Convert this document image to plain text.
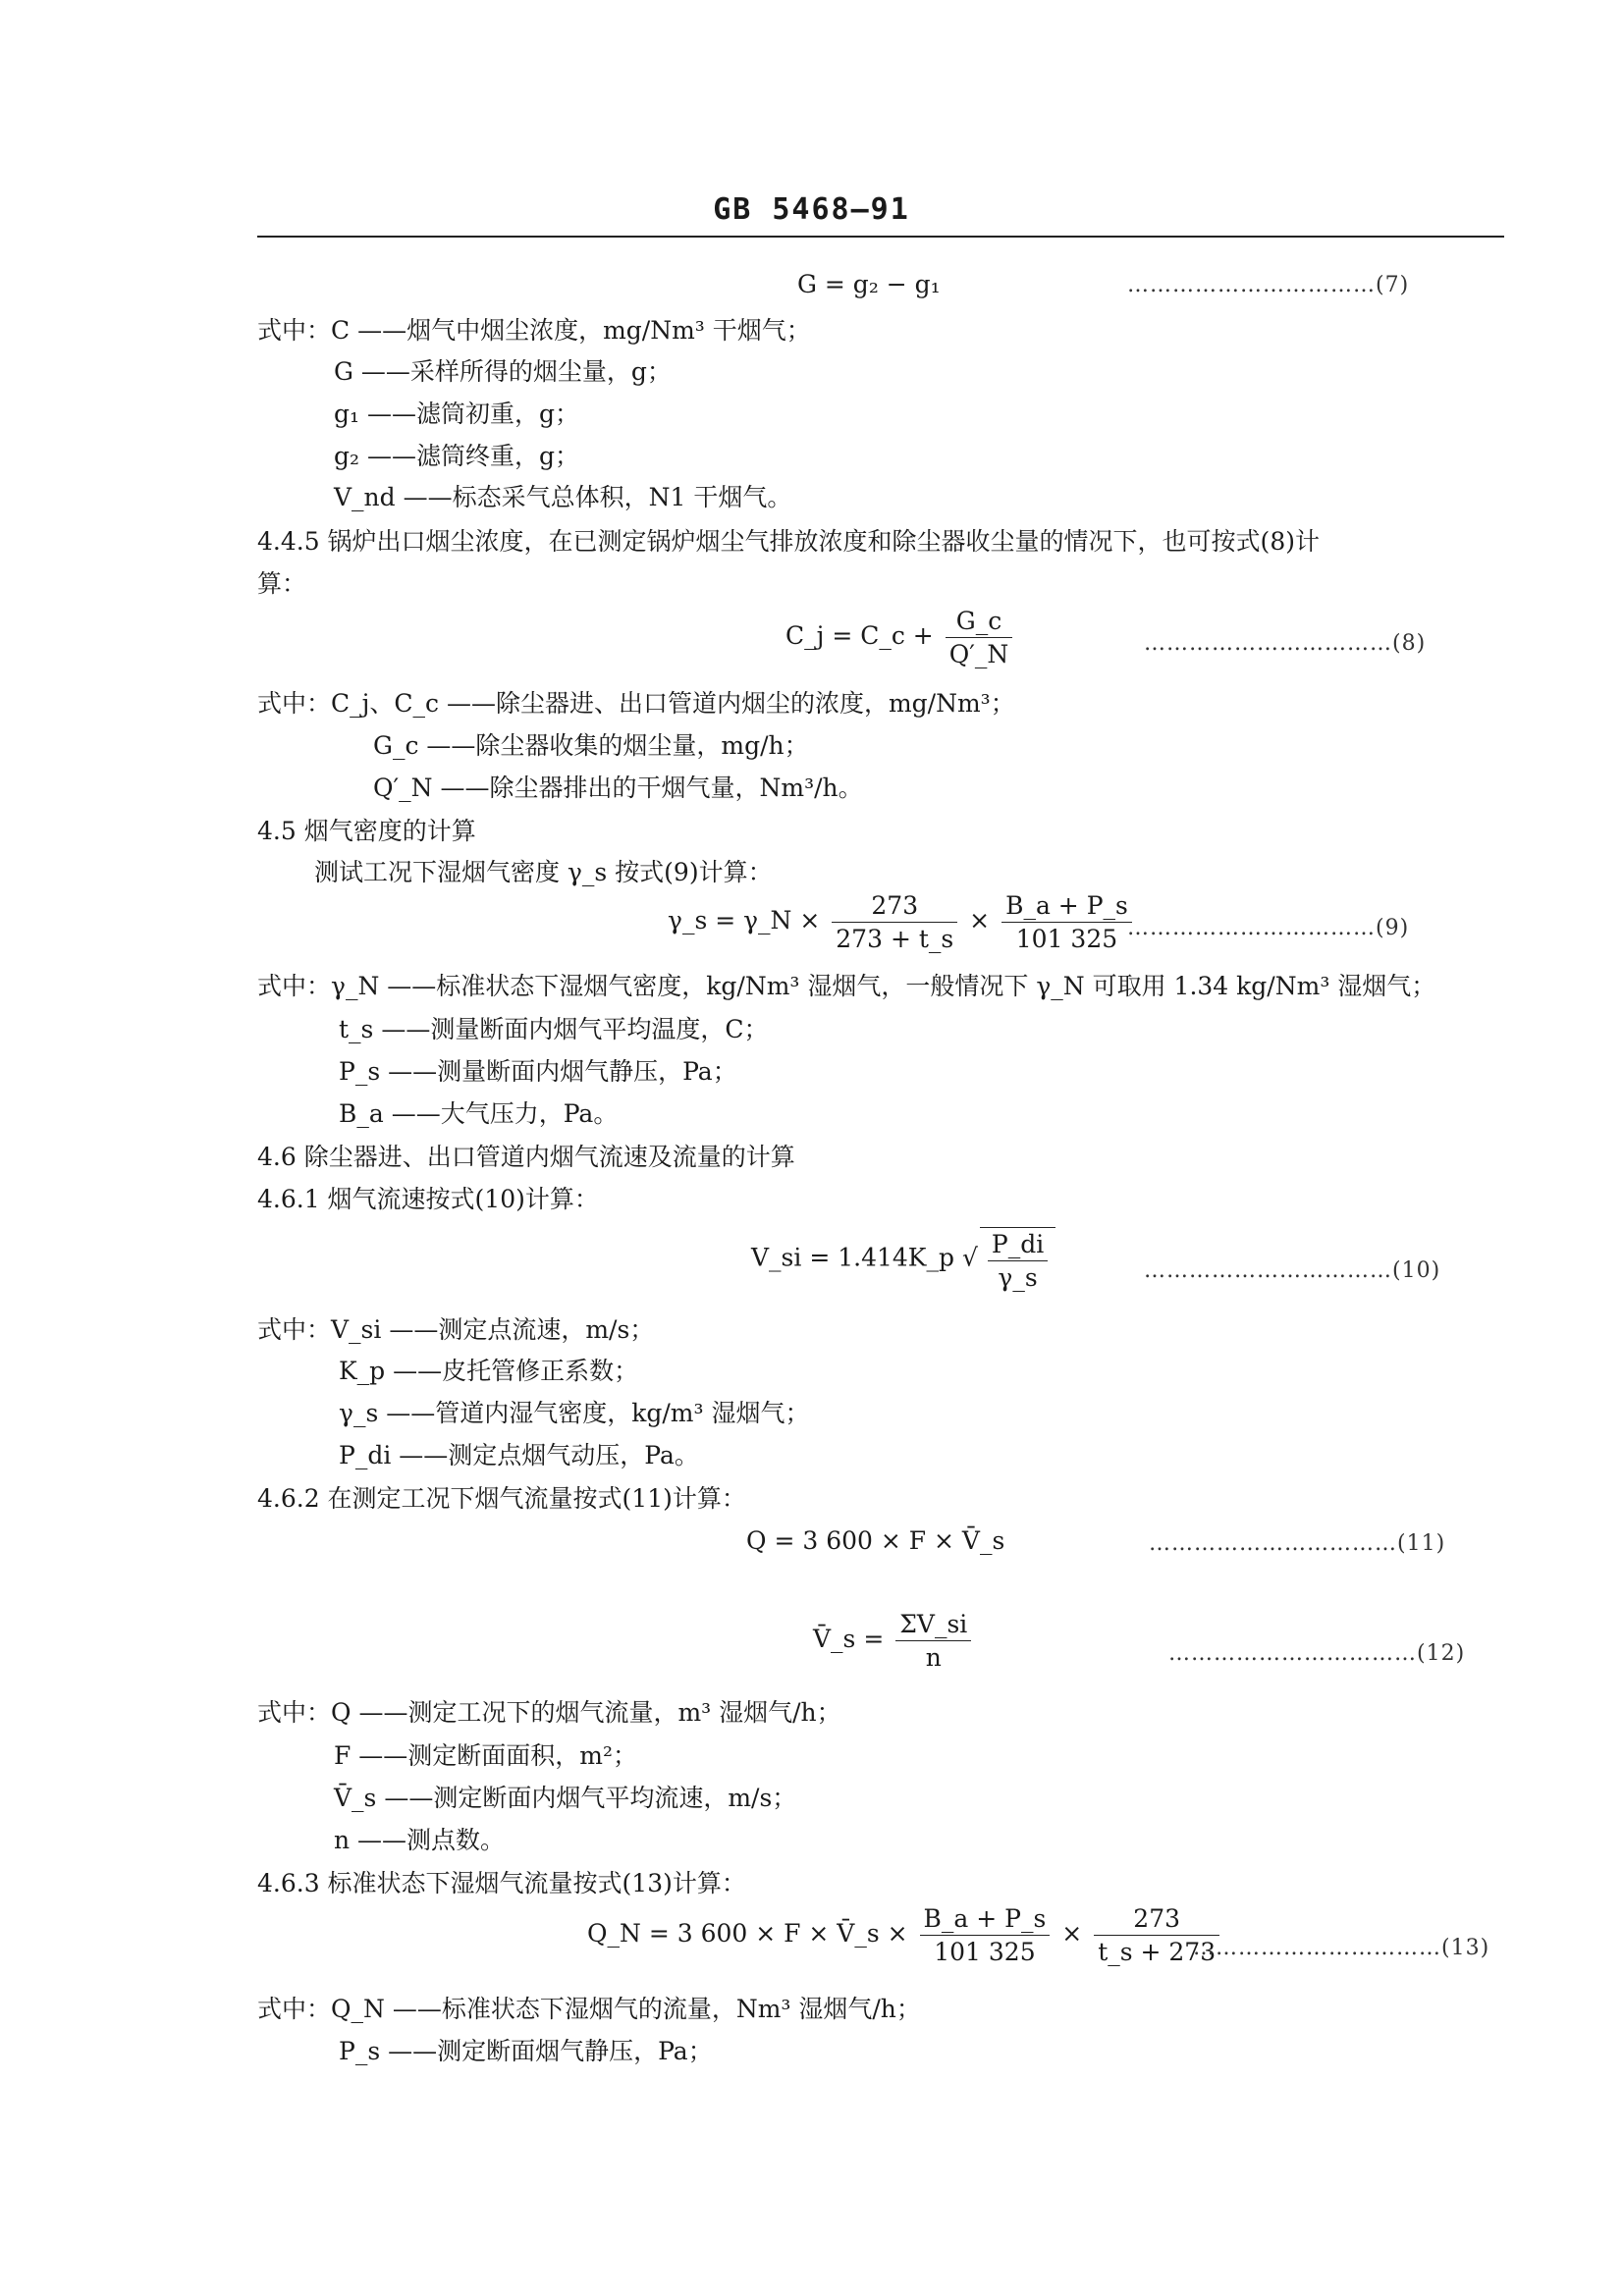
GB 5468—91
G = g₂ − g₁	……………………………(7)
式中：C ——烟气中烟尘浓度，mg/Nm³ 干烟气；
G ——采样所得的烟尘量，g；
g₁ ——滤筒初重，g；
g₂ ——滤筒终重，g；
V_nd ——标态采气总体积，N1 干烟气。
4.4.5 锅炉出口烟尘浓度，在已测定锅炉烟尘气排放浓度和除尘器收尘量的情况下，也可按式(8)计
算：
C_j = C_c + $\frac{G\_c}{Q'\_N}$	……………………………(8)
式中：C_j、C_c ——除尘器进、出口管道内烟尘的浓度，mg/Nm³；
G_c ——除尘器收集的烟尘量，mg/h；
Q′_N ——除尘器排出的干烟气量，Nm³/h。
4.5 烟气密度的计算
测试工况下湿烟气密度 γ_s 按式(9)计算：
γ_s = γ_N × $\frac{273}{273 + t\_s} \times \frac{B\_a + P\_s}{101 325}$
……………………………(9)
式中：γ_N ——标准状态下湿烟气密度，kg/Nm³ 湿烟气，一般情况下 γ_N 可取用 1.34 kg/Nm³ 湿烟气；
t_s ——测量断面内烟气平均温度，C；
P_s ——测量断面内烟气静压，Pa；
B_a ——大气压力，Pa。
4.6 除尘器进、出口管道内烟气流速及流量的计算
4.6.1 烟气流速按式(10)计算：
V_si = 1.414K_p √ $\frac{P\_di}{\gamma\_s}$	……………………………(10)
式中：V_si ——测定点流速，m/s；
K_p ——皮托管修正系数；
γ_s ——管道内湿气密度，kg/m³ 湿烟气；
P_di ——测定点烟气动压，Pa。
4.6.2 在测定工况下烟气流量按式(11)计算：
Q = 3 600 × F × V̄_s	……………………………(11)
V̄_s = $\frac{\Sigma V\_si}{n}$	……………………………(12)
式中：Q ——测定工况下的烟气流量，m³ 湿烟气/h；
F ——测定断面面积，m²；
V̄_s ——测定断面内烟气平均流速，m/s；
n ——测点数。
4.6.3 标准状态下湿烟气流量按式(13)计算：
Q_N = 3 600 × F × V̄_s × $\frac{B\_a + P\_s}{101 325} \times \frac{273}{t\_s + 273}$
……………………………(13)
式中：Q_N ——标准状态下湿烟气的流量，Nm³ 湿烟气/h；
P_s ——测定断面烟气静压，Pa；
